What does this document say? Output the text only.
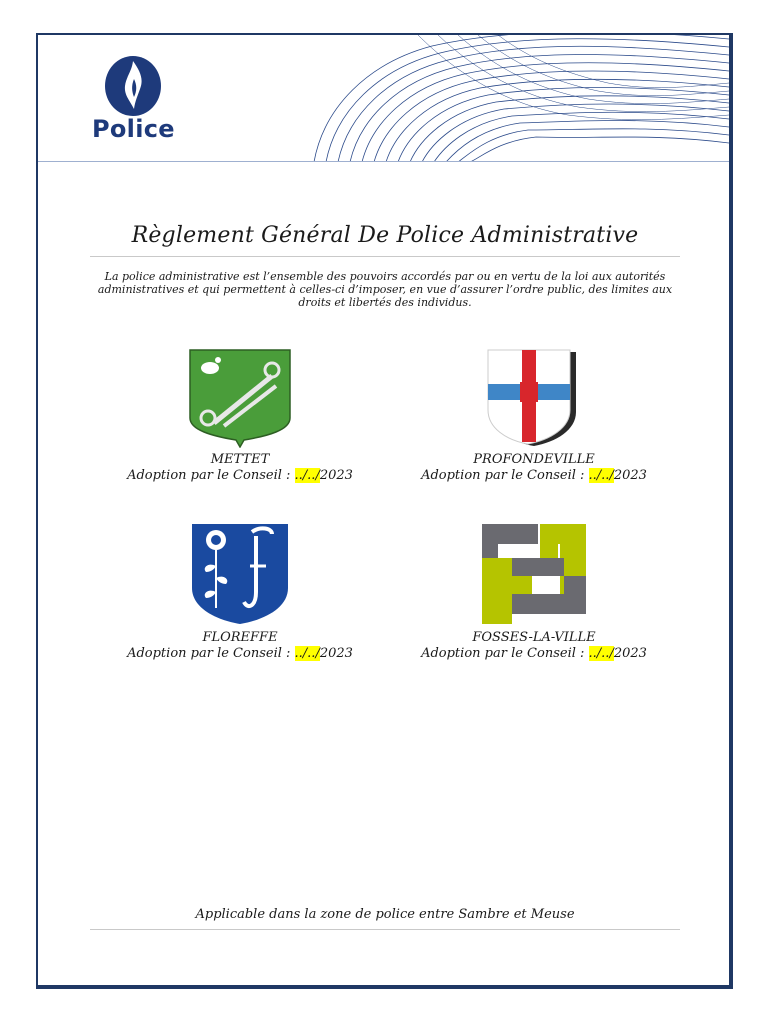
Police
Règlement Général De Police Administrative
La police administrative est l’ensemble des pouvoirs accordés par ou en vertu de la loi aux autorités administratives et qui permettent à celles-ci d’imposer, en vue d’assurer l’ordre public, des limites aux droits et libertés des individus.
METTET
Adoption par le Conseil : ../../2023
PROFONDEVILLE
Adoption par le Conseil : ../../2023
FLOREFFE
Adoption par le Conseil : ../../2023
FOSSES-LA-VILLE
Adoption par le Conseil : ../../2023
Applicable dans la zone de police entre Sambre et Meuse
